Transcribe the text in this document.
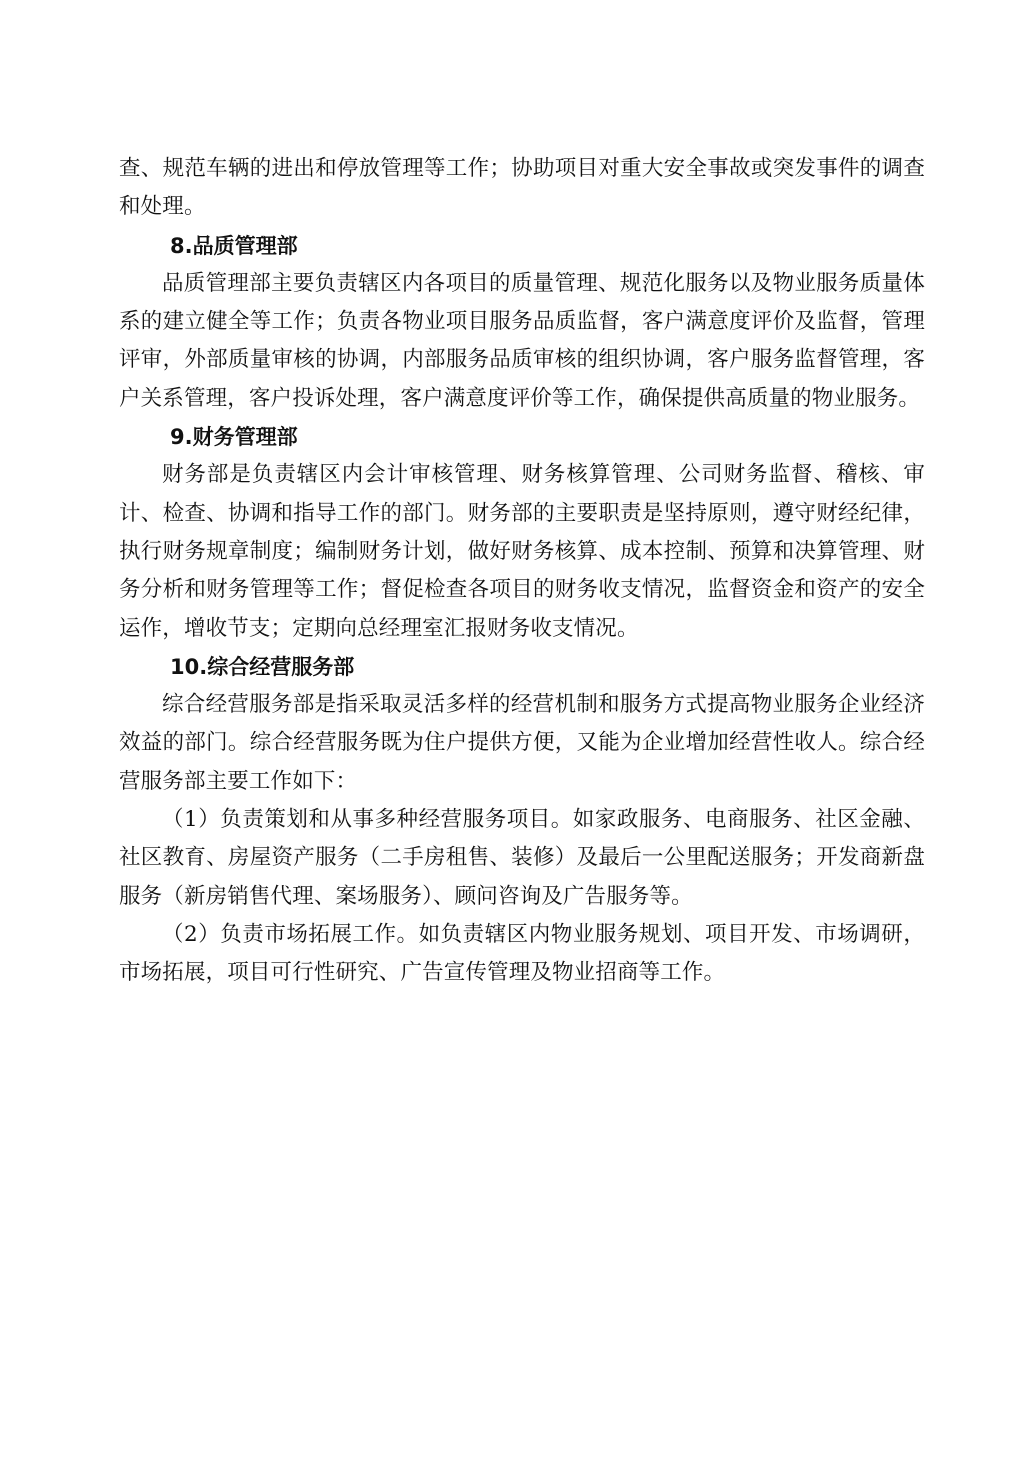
查、规范车辆的进出和停放管理等工作；协助项目对重大安全事故或突发事件的调查和处理。

8.品质管理部

品质管理部主要负责辖区内各项目的质量管理、规范化服务以及物业服务质量体系的建立健全等工作；负责各物业项目服务品质监督，客户满意度评价及监督，管理评审，外部质量审核的协调，内部服务品质审核的组织协调，客户服务监督管理，客户关系管理，客户投诉处理，客户满意度评价等工作，确保提供高质量的物业服务。

9.财务管理部

财务部是负责辖区内会计审核管理、财务核算管理、公司财务监督、稽核、审计、检查、协调和指导工作的部门。财务部的主要职责是坚持原则，遵守财经纪律，执行财务规章制度；编制财务计划，做好财务核算、成本控制、预算和决算管理、财务分析和财务管理等工作；督促检查各项目的财务收支情况，监督资金和资产的安全运作，增收节支；定期向总经理室汇报财务收支情况。

10.综合经营服务部

综合经营服务部是指采取灵活多样的经营机制和服务方式提高物业服务企业经济效益的部门。综合经营服务既为住户提供方便，又能为企业增加经营性收人。综合经营服务部主要工作如下：

（1）负责策划和从事多种经营服务项目。如家政服务、电商服务、社区金融、社区教育、房屋资产服务（二手房租售、装修）及最后一公里配送服务；开发商新盘服务（新房销售代理、案场服务）、顾问咨询及广告服务等。

（2）负责市场拓展工作。如负责辖区内物业服务规划、项目开发、市场调研，市场拓展，项目可行性研究、广告宣传管理及物业招商等工作。
